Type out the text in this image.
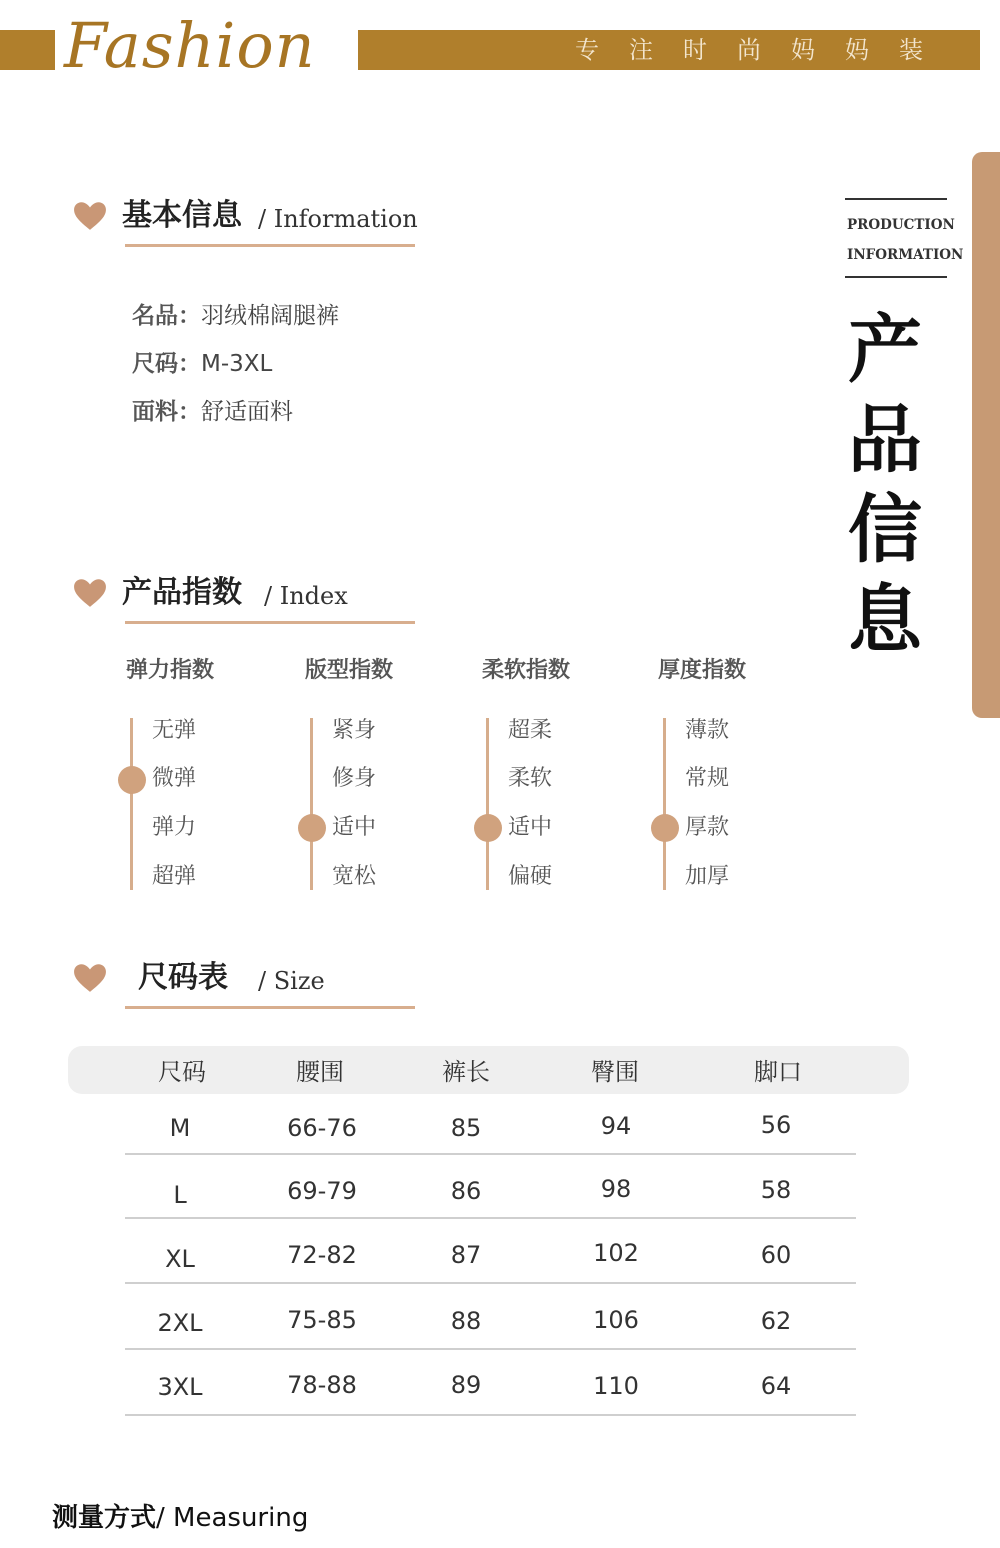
Fashion	专注时尚妈妈装
PRODUCTION
INFORMATION
产
品
信
息
基本信息 / Information
名品：羽绒棉阔腿裤
尺码：M-3XL
面料：舒适面料
产品指数 / Index
弹力指数
无弹
微弹
弹力
超弹
版型指数
紧身
修身
适中
宽松
柔软指数
超柔
柔软
适中
偏硬
厚度指数
薄款
常规
厚款
加厚
尺码表 / Size
尺码	腰围	裤长	臀围	脚口
M	66-76	85	94	56
L	69-79	86	98	58
XL	72-82	87	102	60
2XL	75-85	88	106	62
3XL	78-88	89	110	64
测量方式/ Measuring
